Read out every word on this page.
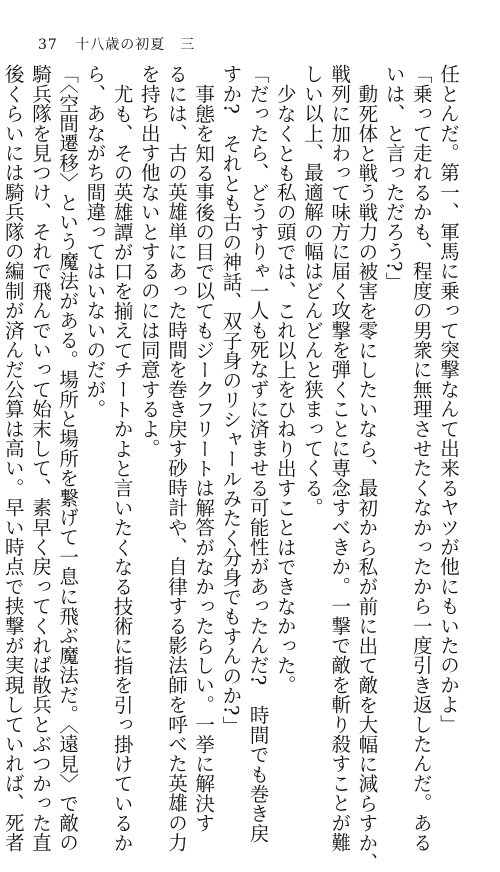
37 十八歳の初夏　三
任とんだ。第一、軍馬に乗って突撃なんて出来るヤツが他にもいたのかよ」
「乗って走れるかも、程度の男衆に無理させたくなかったから一度引き返したんだ。ある
いは、と言っただろう?」
動死体と戦う戦力の被害を零にしたいなら、最初から私が前に出て敵を大幅に減らすか、
戦列に加わって味方に届く攻撃を弾くことに専念すべきか。一撃で敵を斬り殺すことが難
しい以上、最適解の幅はどんどんと狭まってくる。
少なくとも私の頭では、これ以上をひねり出すことはできなかった。
「だったら、どうすりゃ一人も死なずに済ませる可能性があったんだ?　時間でも巻き戻
すか?　それとも古の神話、双子身のリシャールみたく分身でもすんのか?」
事態を知る事後の目で以てもジークフリートは解答がなかったらしい。一挙に解決す
るには、古の英雄単にあった時間を巻き戻す砂時計や、自律する影法師を呼べた英雄の力
を持ち出す他ないとするのには同意するよ。
尤も、その英雄譚が口を揃えてチートかよと言いたくなる技術に指を引っ掛けているか
ら、あながち間違ってはいないのだが。
「〈空間遷移〉という魔法がある。場所と場所を繋げて一息に飛ぶ魔法だ。〈遠見〉で敵の
騎兵隊を見つけ、それで飛んでいって始末して、素早く戻ってくれば散兵とぶつかった直
後くらいには騎兵隊の編制が済んだ公算は高い。早い時点で挟撃が実現していれば、死者
